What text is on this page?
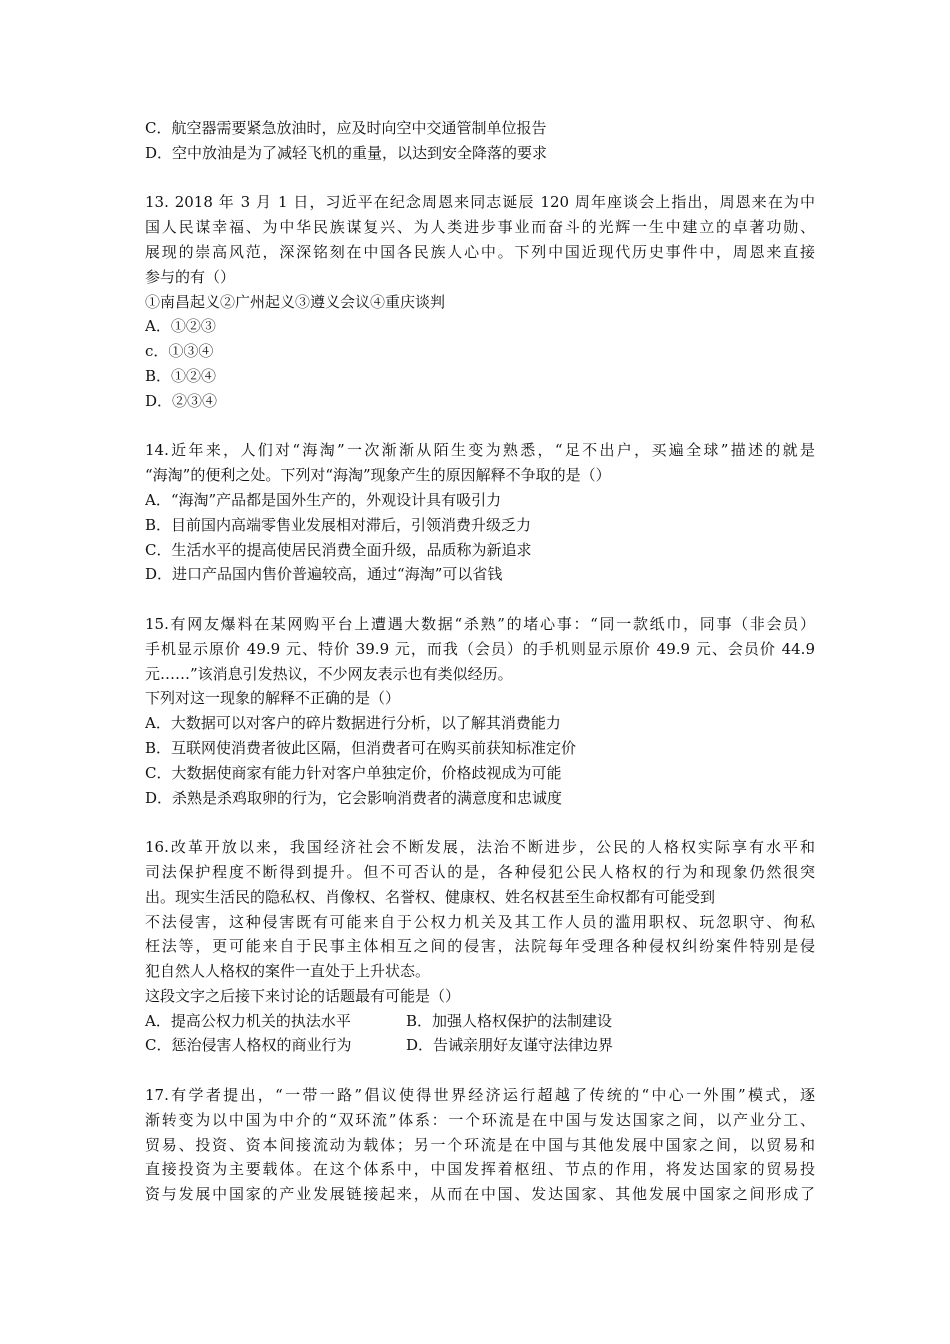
C．航空器需要紧急放油时，应及时向空中交通管制单位报告
D．空中放油是为了减轻飞机的重量，以达到安全降落的要求
13. 2018 年 3 月 1 日，习近平在纪念周恩来同志诞辰 120 周年座谈会上指出，周恩来在为中
国人民谋幸福、为中华民族谋复兴、为人类进步事业而奋斗的光辉一生中建立的卓著功勋、
展现的崇高风范，深深铭刻在中国各民族人心中。下列中国近现代历史事件中，周恩来直接
参与的有（）
①南昌起义②广州起义③遵义会议④重庆谈判
A．①②③
c．①③④
B．①②④
D．②③④
14.近年来，人们对“海淘”一次渐渐从陌生变为熟悉，“足不出户，买遍全球”描述的就是
“海淘”的便利之处。下列对“海淘”现象产生的原因解释不争取的是（）
A．“海淘”产品都是国外生产的，外观设计具有吸引力
B．目前国内高端零售业发展相对滞后，引领消费升级乏力
C．生活水平的提高使居民消费全面升级，品质称为新追求
D．进口产品国内售价普遍较高，通过“海淘”可以省钱
15.有网友爆料在某网购平台上遭遇大数据“杀熟”的堵心事：“同一款纸巾，同事（非会员）
手机显示原价 49.9 元、特价 39.9 元，而我（会员）的手机则显示原价 49.9 元、会员价 44.9
元……”该消息引发热议，不少网友表示也有类似经历。
下列对这一现象的解释不正确的是（）
A．大数据可以对客户的碎片数据进行分析，以了解其消费能力
B．互联网使消费者彼此区隔，但消费者可在购买前获知标准定价
C．大数据使商家有能力针对客户单独定价，价格歧视成为可能
D．杀熟是杀鸡取卵的行为，它会影响消费者的满意度和忠诚度
16.改革开放以来，我国经济社会不断发展，法治不断进步，公民的人格权实际享有水平和
司法保护程度不断得到提升。但不可否认的是，各种侵犯公民人格权的行为和现象仍然很突
出。现实生活民的隐私权、肖像权、名誉权、健康权、姓名权甚至生命权都有可能受到
不法侵害，这种侵害既有可能来自于公权力机关及其工作人员的滥用职权、玩忽职守、徇私
枉法等，更可能来自于民事主体相互之间的侵害，法院每年受理各种侵权纠纷案件特别是侵
犯自然人人格权的案件一直处于上升状态。
这段文字之后接下来讨论的话题最有可能是（）
A．提高公权力机关的执法水平	B．加强人格权保护的法制建设
C．惩治侵害人格权的商业行为	D．告诫亲朋好友谨守法律边界
17.有学者提出，“一带一路”倡议使得世界经济运行超越了传统的“中心一外围”模式，逐
渐转变为以中国为中介的“双环流”体系：一个环流是在中国与发达国家之间，以产业分工、
贸易、投资、资本间接流动为载体；另一个环流是在中国与其他发展中国家之间，以贸易和
直接投资为主要载体。在这个体系中，中国发挥着枢纽、节点的作用，将发达国家的贸易投
资与发展中国家的产业发展链接起来，从而在中国、发达国家、其他发展中国家之间形成了
